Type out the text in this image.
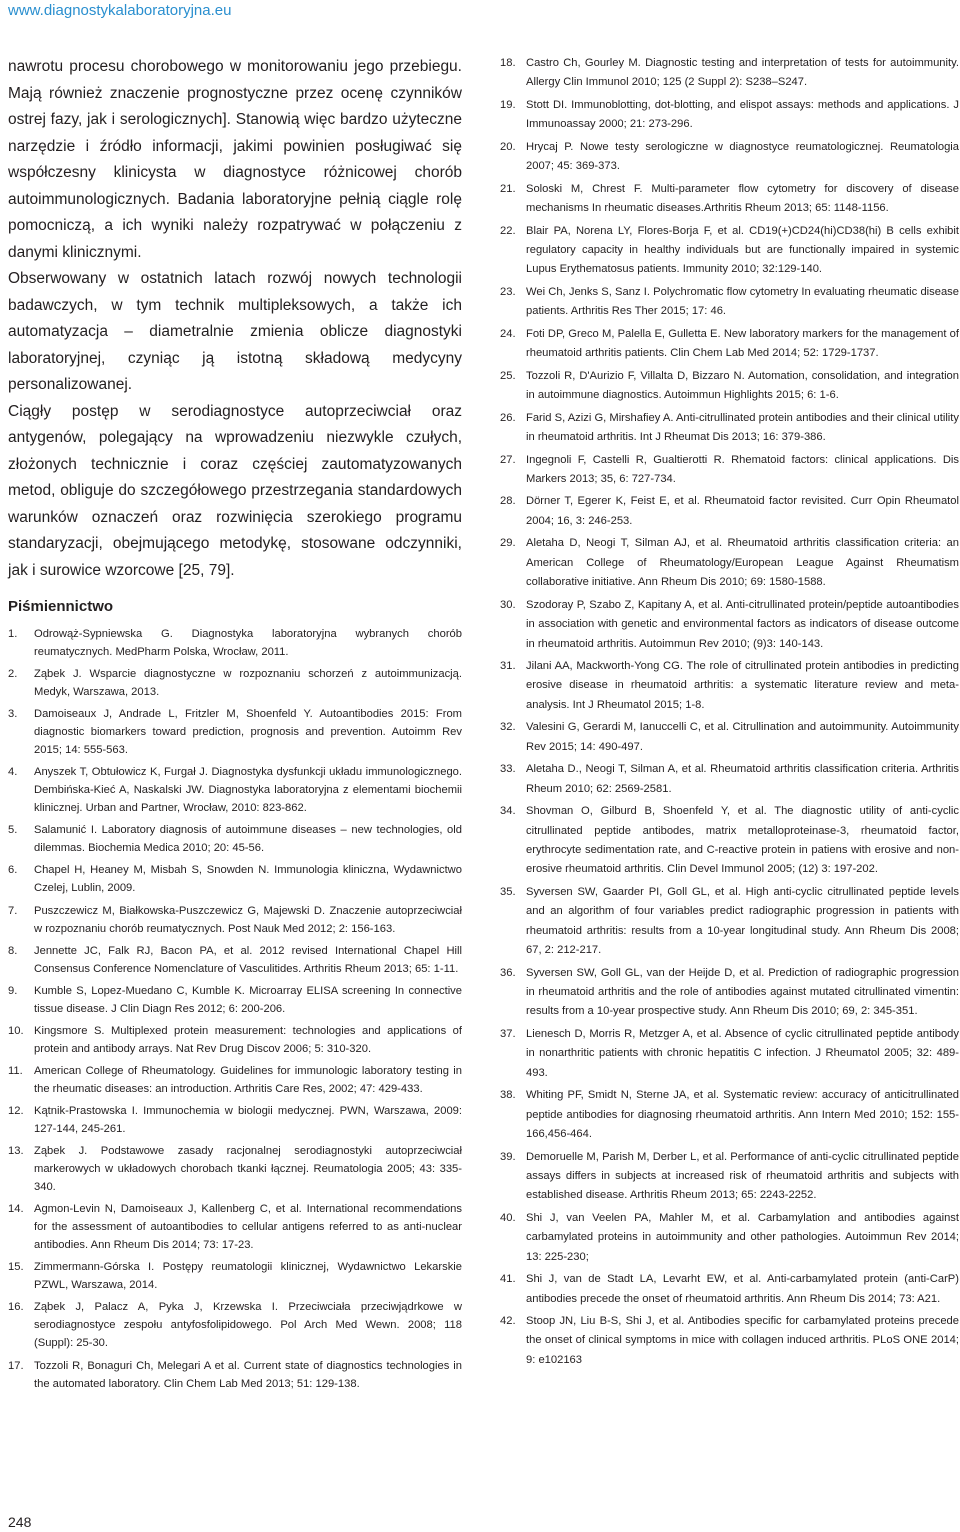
www.diagnostykalaboratoryjna.eu

nawrotu procesu chorobowego w monitorowaniu jego przebiegu. Mają również znaczenie prognostyczne przez ocenę czynników ostrej fazy, jak i serologicznych]. Stanowią więc bardzo użyteczne narzędzie i źródło informacji, jakimi powinien posługiwać się współczesny klinicysta w diagnostyce różnicowej chorób autoimmunologicznych. Badania laboratoryjne pełnią ciągle rolę pomocniczą, a ich wyniki należy rozpatrywać w połączeniu z danymi klinicznymi.

Obserwowany w ostatnich latach rozwój nowych technologii badawczych, w tym technik multipleksowych, a także ich automatyzacja – diametralnie zmienia oblicze diagnostyki laboratoryjnej, czyniąc ją istotną składową medycyny personalizowanej.

Ciągły postęp w serodiagnostyce autoprzeciwciał oraz antygenów, polegający na wprowadzeniu niezwykle czułych, złożonych technicznie i coraz częściej zautomatyzowanych metod, obliguje do szczegółowego przestrzegania standardowych warunków oznaczeń oraz rozwinięcia szerokiego programu standaryzacji, obejmującego metodykę, stosowane odczynniki, jak i surowice wzorcowe [25, 79].

Piśmiennictwo
1.	Odrowąż-Sypniewska G. Diagnostyka laboratoryjna wybranych chorób reumatycznych. MedPharm Polska, Wrocław, 2011.
2.	Ząbek J. Wsparcie diagnostyczne w rozpoznaniu schorzeń z autoimmunizacją. Medyk, Warszawa, 2013.
3.	Damoiseaux J, Andrade L, Fritzler M, Shoenfeld Y. Autoantibodies 2015: From diagnostic biomarkers toward prediction, prognosis and prevention. Autoimm Rev 2015; 14: 555-563.
4.	Anyszek T, Obtułowicz K, Furgał J. Diagnostyka dysfunkcji układu immunologicznego. Dembińska-Kieć A, Naskalski JW. Diagnostyka laboratoryjna z elementami biochemii klinicznej. Urban and Partner, Wrocław, 2010: 823-862.
5.	Salamunić I. Laboratory diagnosis of autoimmune diseases – new technologies, old dilemmas. Biochemia Medica 2010; 20: 45-56.
6.	Chapel H, Heaney M, Misbah S, Snowden N. Immunologia kliniczna, Wydawnictwo Czelej, Lublin, 2009.
7.	Puszczewicz M, Białkowska-Puszczewicz G, Majewski D. Znaczenie autoprzeciwciał w rozpoznaniu chorób reumatycznych. Post Nauk Med 2012; 2: 156-163.
8.	Jennette JC, Falk RJ, Bacon PA, et al. 2012 revised International Chapel Hill Consensus Conference Nomenclature of Vasculitides. Arthritis Rheum 2013; 65: 1-11.
9.	Kumble S, Lopez-Muedano C, Kumble K. Microarray ELISA screening In connective tissue disease. J Clin Diagn Res 2012; 6: 200-206.
10. Kingsmore S. Multiplexed protein measurement: technologies and applications of protein and antibody arrays. Nat Rev Drug Discov 2006; 5: 310-320.
11.	American College of Rheumatology. Guidelines for immunologic laboratory testing in the rheumatic diseases: an introduction. Arthritis Care Res, 2002; 47: 429-433.
12. Kątnik-Prastowska I. Immunochemia w biologii medycznej. PWN, Warszawa, 2009: 127-144, 245-261.
13. Ząbek J. Podstawowe zasady racjonalnej serodiagnostyki autoprzeciwciał markerowych w układowych chorobach tkanki łącznej. Reumatologia 2005; 43: 335-340.
14. Agmon-Levin N, Damoiseaux J, Kallenberg C, et al. International recommendations for the assessment of autoantibodies to cellular antigens referred to as anti-nuclear antibodies. Ann Rheum Dis 2014; 73: 17-23.
15. Zimmermann-Górska I. Postępy reumatologii klinicznej, Wydawnictwo Lekarskie PZWL, Warszawa, 2014.
16. Ząbek J, Palacz A, Pyka J, Krzewska I. Przeciwciała przeciwjądrkowe w serodiagnostyce zespołu antyfosfolipidowego. Pol Arch Med Wewn. 2008; 118 (Suppl): 25-30.
17. Tozzoli R, Bonaguri Ch, Melegari A et al. Current state of diagnostics technologies in the automated laboratory. Clin Chem Lab Med 2013; 51: 129-138.
18. Castro Ch, Gourley M. Diagnostic testing and interpretation of tests for autoimmunity. Allergy Clin Immunol 2010; 125 (2 Suppl 2): S238–S247.
19. Stott DI. Immunoblotting, dot-blotting, and elispot assays: methods and applications. J Immunoassay 2000; 21: 273-296.
20. Hrycaj P. Nowe testy serologiczne w diagnostyce reumatologicznej. Reumatologia 2007; 45: 369-373.
21. Soloski M, Chrest F. Multi-parameter flow cytometry for discovery of disease mechanisms In rheumatic diseases.Arthritis Rheum 2013; 65: 1148-1156.
22. Blair PA, Norena LY, Flores-Borja F, et al. CD19(+)CD24(hi)CD38(hi) B cells exhibit regulatory capacity in healthy individuals but are functionally impaired in systemic Lupus Erythematosus patients. Immunity 2010; 32:129-140.
23. Wei Ch, Jenks S, Sanz I. Polychromatic flow cytometry In evaluating rheumatic disease patients. Arthritis Res Ther 2015; 17: 46.
24. Foti DP, Greco M, Palella E, Gulletta E. New laboratory markers for the management of rheumatoid arthritis patients. Clin Chem Lab Med 2014; 52: 1729-1737.
25. Tozzoli R, D'Aurizio F, Villalta D, Bizzaro N. Automation, consolidation, and integration in autoimmune diagnostics. Autoimmun Highlights 2015; 6: 1-6.
26. Farid S, Azizi G, Mirshafiey A. Anti-citrullinated protein antibodies and their clinical utility in rheumatoid arthritis. Int J Rheumat Dis 2013; 16: 379-386.
27. Ingegnoli F, Castelli R, Gualtierotti R. Rhematoid factors: clinical applications. Dis Markers 2013; 35, 6: 727-734.
28. Dörner T, Egerer K, Feist E, et al. Rheumatoid factor revisited. Curr Opin Rheumatol 2004; 16, 3: 246-253.
29. Aletaha D, Neogi T, Silman AJ, et al. Rheumatoid arthritis classification criteria: an American College of Rheumatology/European League Against Rheumatism collaborative initiative. Ann Rheum Dis 2010; 69: 1580-1588.
30. Szodoray P, Szabo Z, Kapitany A, et al. Anti-citrullinated protein/peptide autoantibodies in association with genetic and environmental factors as indicators of disease outcome in rheumatoid arthritis. Autoimmun Rev 2010; (9)3: 140-143.
31. Jilani AA, Mackworth-Yong CG. The role of citrullinated protein antibodies in predicting erosive disease in rheumatoid arthritis: a systematic literature review and meta-analysis. Int J Rheumatol 2015; 1-8.
32. Valesini G, Gerardi M, Ianuccelli C, et al. Citrullination and autoimmunity. Autoimmunity Rev 2015; 14: 490-497.
33. Aletaha D., Neogi T, Silman A, et al. Rheumatoid arthritis classification criteria. Arthritis Rheum 2010; 62: 2569-2581.
34. Shovman O, Gilburd B, Shoenfeld Y, et al. The diagnostic utility of anti-cyclic citrullinated peptide antibodes, matrix metalloproteinase-3, rheumatoid factor, erythrocyte sedimentation rate, and C-reactive protein in patiens with erosive and non-erosive rheumatoid arthritis. Clin Devel Immunol 2005; (12) 3: 197-202.
35. Syversen SW, Gaarder PI, Goll GL, et al. High anti-cyclic citrullinated peptide levels and an algorithm of four variables predict radiographic progression in patients with rheumatoid arthritis: results from a 10-year longitudinal study. Ann Rheum Dis 2008; 67, 2: 212-217.
36. Syversen SW, Goll GL, van der Heijde D, et al. Prediction of radiographic progression in rheumatoid arthritis and the role of antibodies against mutated citrullinated vimentin: results from a 10-year prospective study. Ann Rheum Dis 2010; 69, 2: 345-351.
37. Lienesch D, Morris R, Metzger A, et al. Absence of cyclic citrullinated peptide antibody in nonarthritic patients with chronic hepatitis C infection. J Rheumatol 2005; 32: 489-493.
38. Whiting PF, Smidt N, Sterne JA, et al. Systematic review: accuracy of anticitrullinated peptide antibodies for diagnosing rheumatoid arthritis. Ann Intern Med 2010; 152: 155-166,456-464.
39. Demoruelle M, Parish M, Derber L, et al. Performance of anti-cyclic citrullinated peptide assays differs in subjects at increased risk of rheumatoid arthritis and subjects with established disease. Arthritis Rheum 2013; 65: 2243-2252.
40. Shi J, van Veelen PA, Mahler M, et al. Carbamylation and antibodies against carbamylated proteins in autoimmunity and other pathologies. Autoimmun Rev 2014; 13: 225-230;
41. Shi J, van de Stadt LA, Levarht EW, et al. Anti-carbamylated protein (anti-CarP) antibodies precede the onset of rheumatoid arthritis. Ann Rheum Dis 2014; 73: A21.
42. Stoop JN, Liu B-S, Shi J, et al. Antibodies specific for carbamylated proteins precede the onset of clinical symptoms in mice with collagen induced arthritis. PLoS ONE 2014; 9: e102163
248
